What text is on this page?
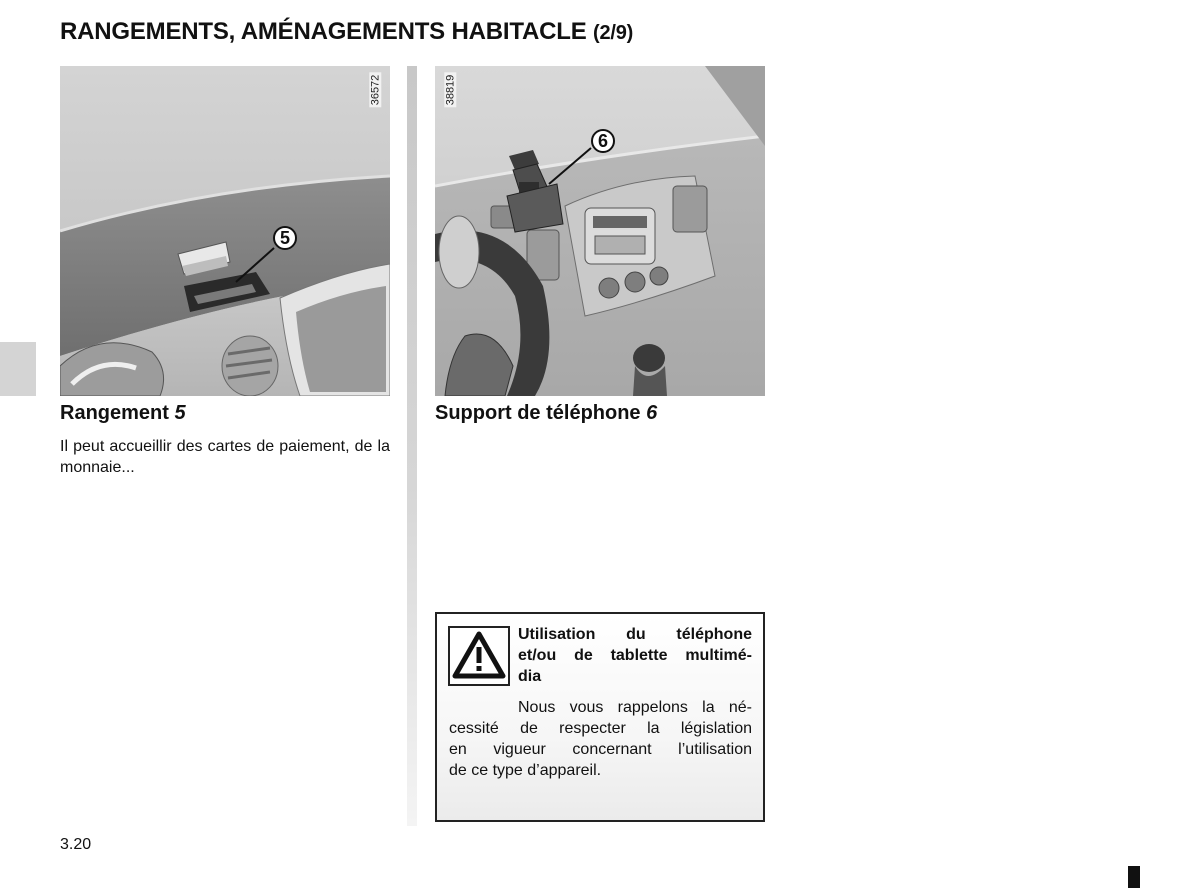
RANGEMENTS, AMÉNAGEMENTS HABITACLE (2/9)
36572
5
38819
6
Rangement 5
Il peut accueillir des cartes de paiement, de la monnaie...
Support de téléphone 6
Utilisation du téléphone
et/ou de tablette multimé-
dia
Nous vous rappelons la né-
cessité de respecter la législation
en vigueur concernant l’utilisation
de ce type d’appareil.
3.20
